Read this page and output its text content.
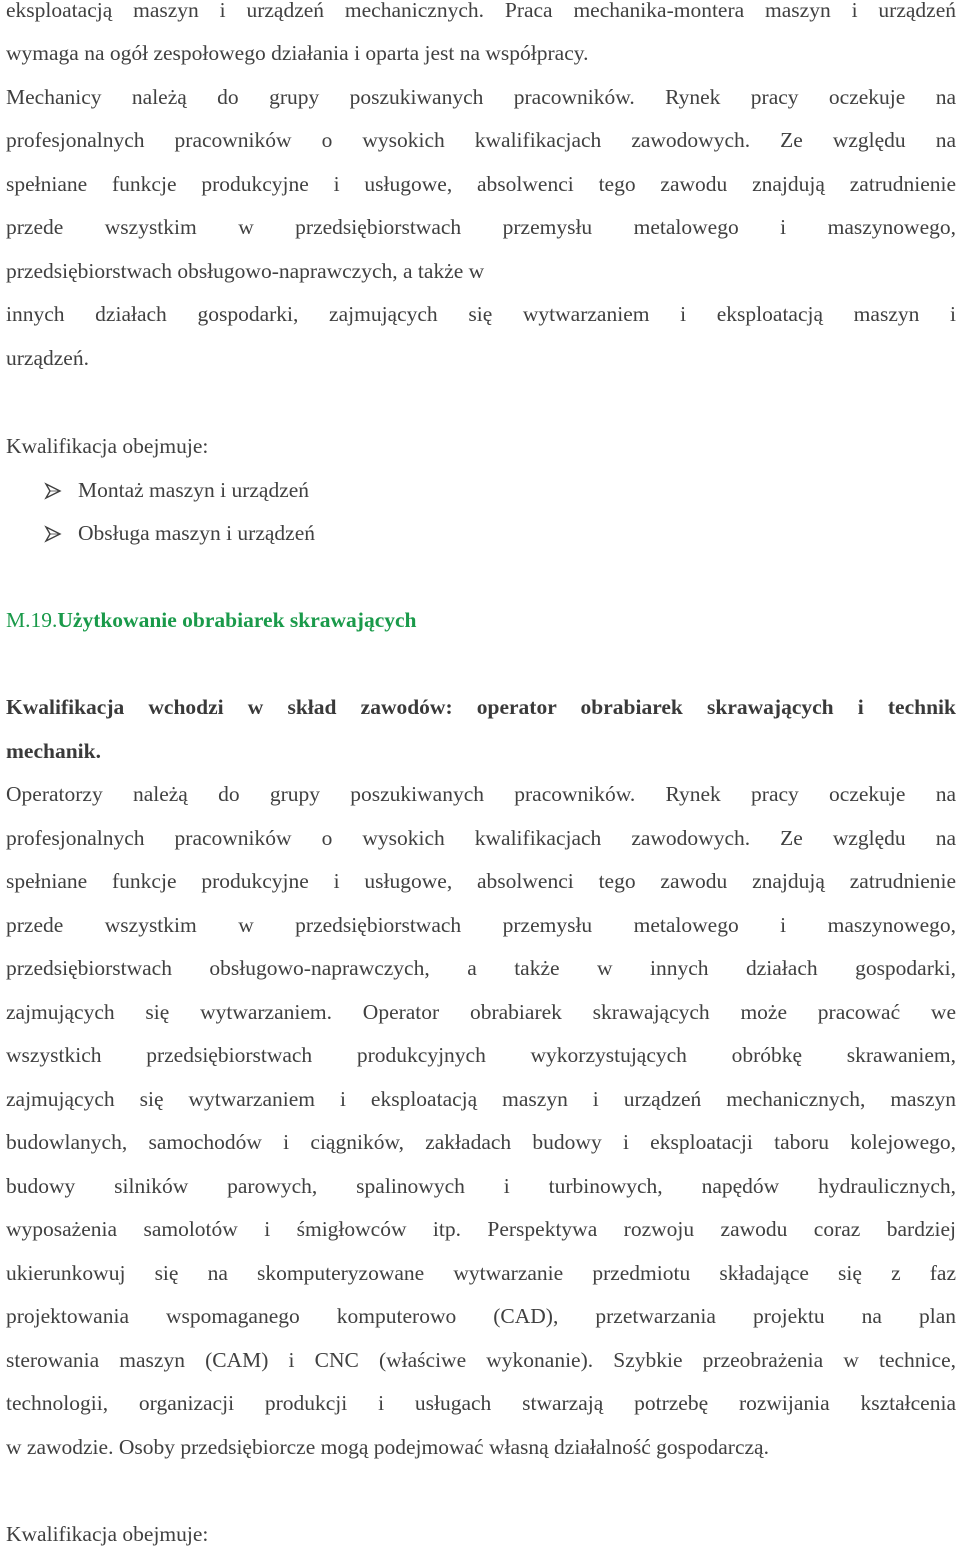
eksploatacją maszyn i urządzeń mechanicznych. Praca mechanika-montera maszyn i urządzeń
wymaga na ogół zespołowego działania i oparta jest na współpracy.
Mechanicy należą do grupy poszukiwanych pracowników. Rynek pracy oczekuje na
profesjonalnych pracowników o wysokich kwalifikacjach zawodowych. Ze względu na
spełniane funkcje produkcyjne i usługowe, absolwenci tego zawodu znajdują zatrudnienie
przede wszystkim w przedsiębiorstwach przemysłu metalowego i maszynowego,
przedsiębiorstwach obsługowo-naprawczych, a także w
innych działach gospodarki, zajmujących się wytwarzaniem i eksploatacją maszyn i
urządzeń.
Kwalifikacja obejmuje:
Montaż maszyn i urządzeń
Obsługa maszyn i urządzeń
M.19.Użytkowanie obrabiarek skrawających
Kwalifikacja wchodzi w skład zawodów: operator obrabiarek skrawających i technik
mechanik.
Operatorzy należą do grupy poszukiwanych pracowników. Rynek pracy oczekuje na
profesjonalnych pracowników o wysokich kwalifikacjach zawodowych. Ze względu na
spełniane funkcje produkcyjne i usługowe, absolwenci tego zawodu znajdują zatrudnienie
przede wszystkim w przedsiębiorstwach przemysłu metalowego i maszynowego,
przedsiębiorstwach obsługowo-naprawczych, a także w innych działach gospodarki,
zajmujących się wytwarzaniem. Operator obrabiarek skrawających może pracować we
wszystkich przedsiębiorstwach produkcyjnych wykorzystujących obróbkę skrawaniem,
zajmujących się wytwarzaniem i eksploatacją maszyn i urządzeń mechanicznych, maszyn
budowlanych, samochodów i ciągników, zakładach budowy i eksploatacji taboru kolejowego,
budowy silników parowych, spalinowych i turbinowych, napędów hydraulicznych,
wyposażenia samolotów i śmigłowców itp. Perspektywa rozwoju zawodu coraz bardziej
ukierunkowuj się na skomputeryzowane wytwarzanie przedmiotu składające się z faz
projektowania wspomaganego komputerowo (CAD), przetwarzania projektu na plan
sterowania maszyn (CAM) i CNC (właściwe wykonanie). Szybkie przeobrażenia w technice,
technologii, organizacji produkcji i usługach stwarzają potrzebę rozwijania kształcenia
w zawodzie. Osoby przedsiębiorcze mogą podejmować własną działalność gospodarczą.
Kwalifikacja obejmuje:
